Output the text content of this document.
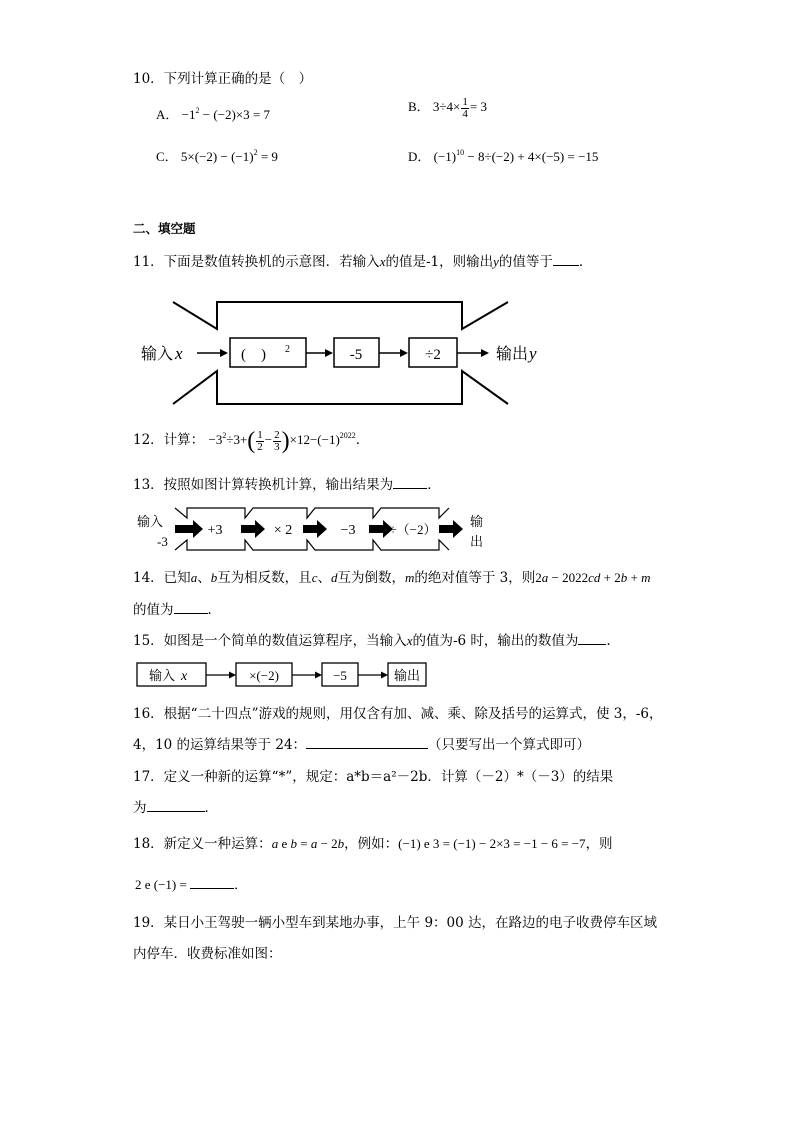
10．下列计算正确的是（　）
A． $-1^2 - (-2)\times 3 = 7$
B． $3\div 4\times \frac{1}{4} = 3$
C． $5\times(-2) - (-1)^2 = 9$	D． $(-1)^{10} - 8\div(-2) + 4\times(-5) = -15$
二、填空题
11．下面是数值转换机的示意图．若输入x的值是-1，则输出y的值等于 ．
输入 x	(　) 2	-5	÷2	输出 y
12．计算： $-3^2\div 3+( \frac{1}{2} - \frac{2}{3} )\times 12-(-1)^{2022}$．
13．按照如图计算转换机计算，输出结果为	．
输入
-3
+3	× 2	−3	÷（−2）
输
出
14．已知a、b互为相反数，且c、d互为倒数，m的绝对值等于 3，则2a − 2022cd + 2b + m
的值为	．
15．如图是一个简单的数值运算程序，当输入x的值为-6 时，输出的数值为 .
输入 x	×(−2)	−5	输出
16．根据“二十四点”游戏的规则，用仅含有加、减、乘、除及括号的运算式，使 3，-6，
4，10 的运算结果等于 24：	（只要写出一个算式即可）
17．定义一种新的运算“*”，规定：a*b＝a²－2b．计算（－2）*（－3）的结果
为	．
18．新定义一种运算：a e b = a − 2b，例如：(−1) e 3 = (−1) − 2×3 = −1 − 6 = −7，则
2 e (−1) =	．
19．某日小王驾驶一辆小型车到某地办事，上午 9：00 达，在路边的电子收费停车区域
内停车．收费标准如图：
